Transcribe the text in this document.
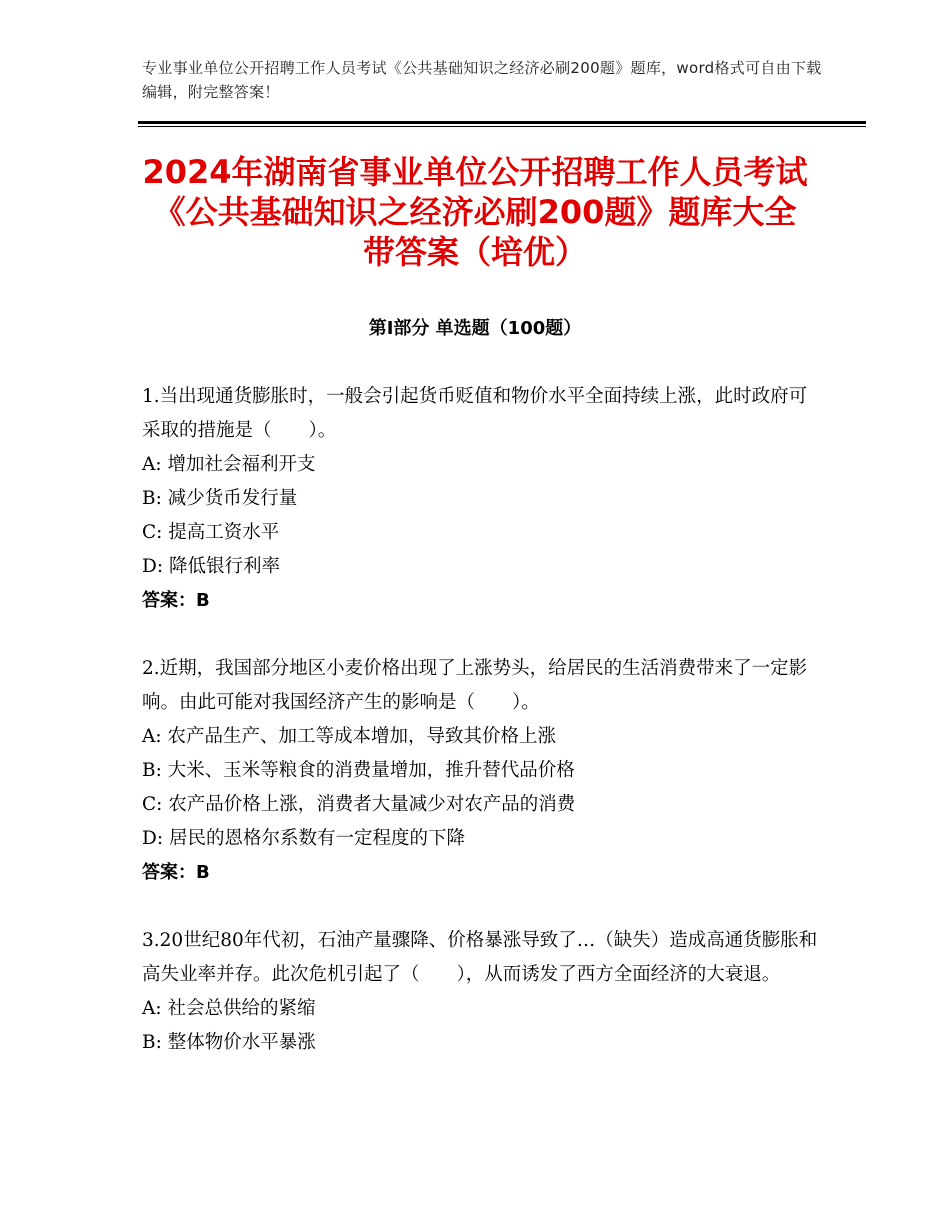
专业事业单位公开招聘工作人员考试《公共基础知识之经济必刷200题》题库，word格式可自由下载编辑，附完整答案！
2024年湖南省事业单位公开招聘工作人员考试《公共基础知识之经济必刷200题》题库大全带答案（培优）
第Ⅰ部分 单选题（100题）

1.当出现通货膨胀时，一般会引起货币贬值和物价水平全面持续上涨，此时政府可采取的措施是（　　）。

A: 增加社会福利开支

B: 减少货币发行量

C: 提高工资水平

D: 降低银行利率

答案：B

2.近期，我国部分地区小麦价格出现了上涨势头，给居民的生活消费带来了一定影响。由此可能对我国经济产生的影响是（　　）。

A: 农产品生产、加工等成本增加，导致其价格上涨

B: 大米、玉米等粮食的消费量增加，推升替代品价格

C: 农产品价格上涨，消费者大量减少对农产品的消费

D: 居民的恩格尔系数有一定程度的下降

答案：B

3.20世纪80年代初，石油产量骤降、价格暴涨导致了…（缺失）造成高通货膨胀和高失业率并存。此次危机引起了（　　），从而诱发了西方全面经济的大衰退。

A: 社会总供给的紧缩

B: 整体物价水平暴涨
